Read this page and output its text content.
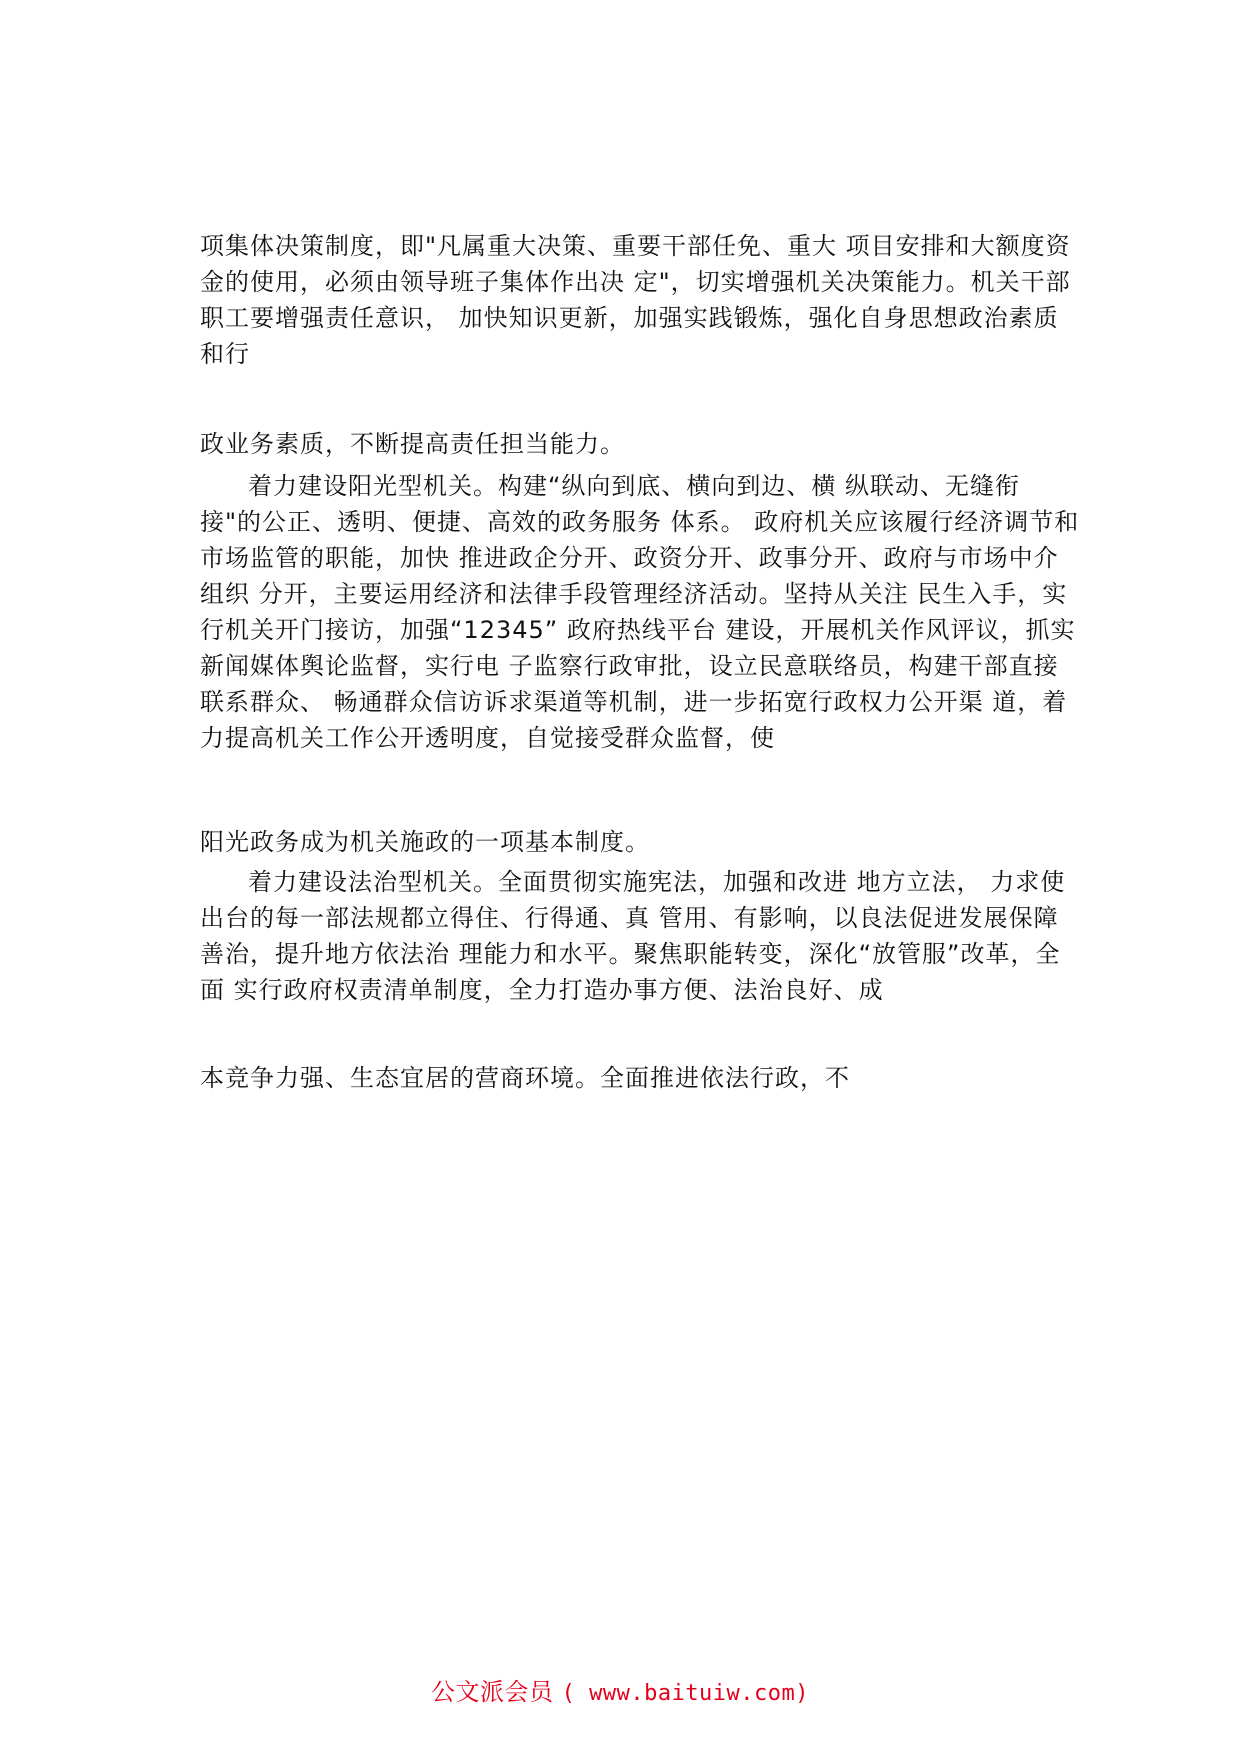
项集体决策制度，即"凡属重大决策、重要干部任免、重大 项目安排和大额度资金的使用，必须由领导班子集体作出决 定"，切实增强机关决策能力。机关干部职工要增强责任意识， 加快知识更新，加强实践锻炼，强化自身思想政治素质和行

政业务素质，不断提高责任担当能力。

着力建设阳光型机关。构建“纵向到底、横向到边、横 纵联动、无缝衔接"的公正、透明、便捷、高效的政务服务 体系。 政府机关应该履行经济调节和市场监管的职能，加快 推进政企分开、政资分开、政事分开、政府与市场中介组织 分开，主要运用经济和法律手段管理经济活动。坚持从关注 民生入手，实行机关开门接访，加强“12345” 政府热线平台 建设，开展机关作风评议，抓实新闻媒体舆论监督，实行电 子监察行政审批，设立民意联络员，构建干部直接联系群众、 畅通群众信访诉求渠道等机制，进一步拓宽行政权力公开渠 道，着力提高机关工作公开透明度，自觉接受群众监督，使

阳光政务成为机关施政的一项基本制度。

着力建设法治型机关。全面贯彻实施宪法，加强和改进 地方立法， 力求使出台的每一部法规都立得住、行得通、真 管用、有影响，以良法促进发展保障善治，提升地方依法治 理能力和水平。聚焦职能转变，深化“放管服”改革，全面 实行政府权责清单制度，全力打造办事方便、法治良好、成

本竞争力强、生态宜居的营商环境。全面推进依法行政，不

公文派会员 ( www.baituiw.com)
